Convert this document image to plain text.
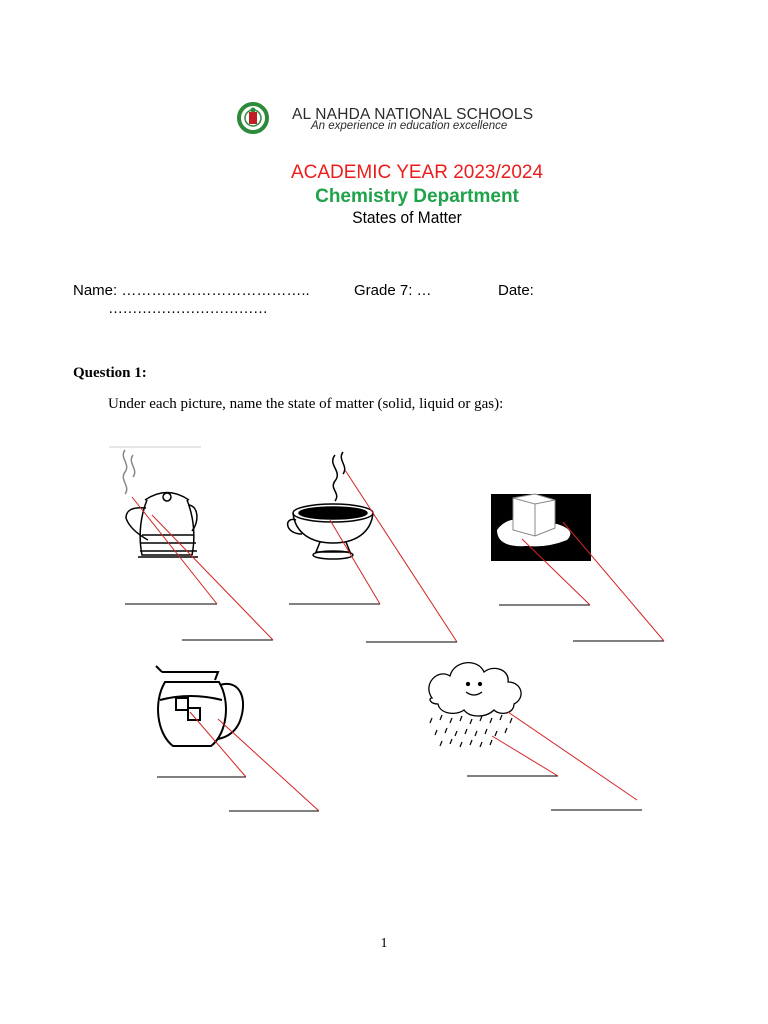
AL NAHDA NATIONAL SCHOOLS
An experience in education excellence
ACADEMIC YEAR 2023/2024
Chemistry Department
States of Matter
Name: ………………………………..	Grade 7: …	Date:
……………………………
Question 1:
Under each picture, name the state of matter (solid, liquid or gas):
1
